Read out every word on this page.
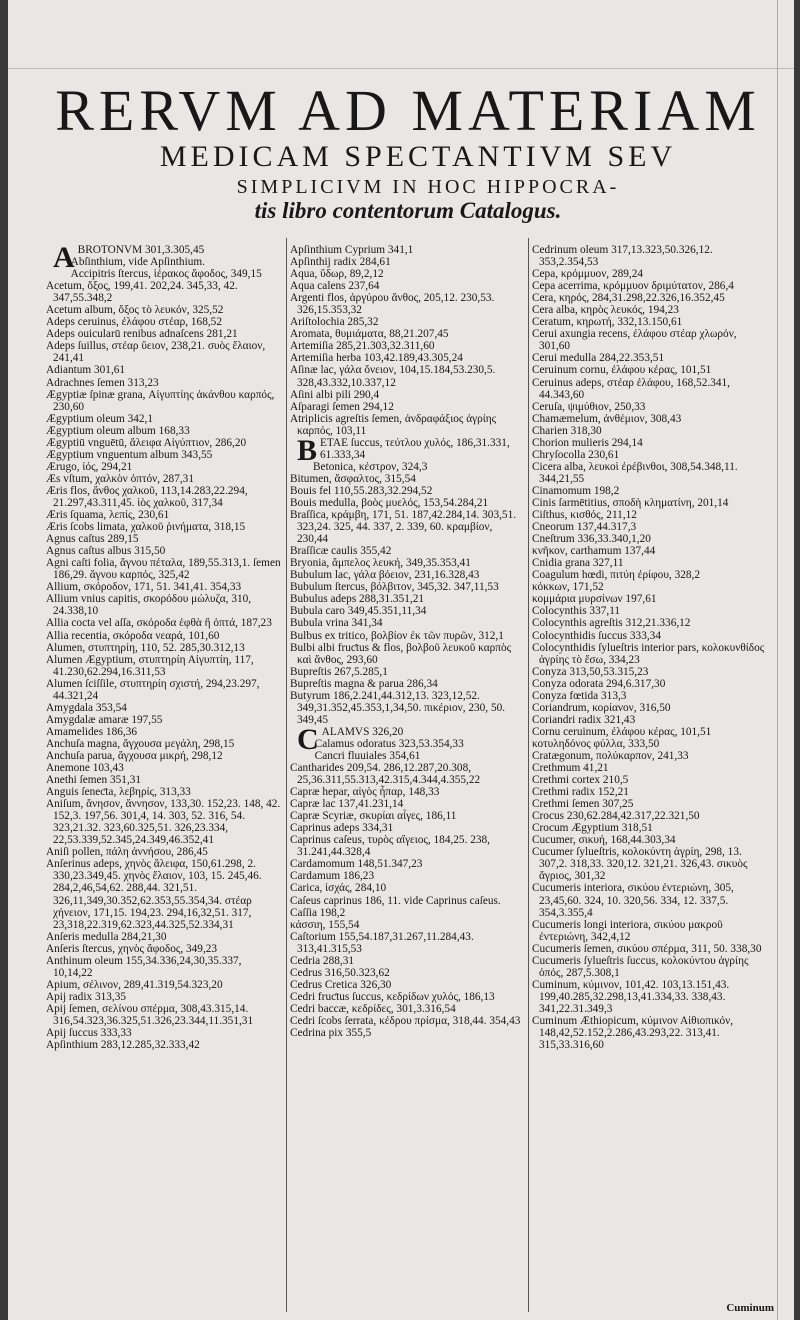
RERVM AD MATERIAM
MEDICAM SPECTANTIVM SEV
SIMPLICIVM IN HOC HIPPOCRA-
tis libro contentorum Catalogus.

ABROTONVM 301,3.305,45

Abſinthium, vide Apſinthium.

Accipitris ſtercus, ἱέρακος ἄφοδος, 349,15

Acetum, ὄξος, 199,41. 202,24. 345,33, 42. 347,55.348,2

Acetum album, ὄξος τὸ λευκόν, 325,52

Adeps ceruinus, ἐλάφου στέαρ, 168,52

Adeps ouicularū renibus adnaſcens 281,21

Adeps ſuillus, στέαρ ὕειον, 238,21. συὸς ἔλαιον, 241,41

Adiantum 301,61

Adrachnes ſemen 313,23

Ægyptiæ ſpinæ grana, Αἰγυπτίης ἀκάνθου καρπός, 230,60

Ægyptium oleum 342,1

Ægyptium oleum album 168,33

Ægyptiū vnguētū, ἄλειφα Αἰγύπτιον, 286,20

Ægyptium vnguentum album 343,55

Ærugo, ἰός, 294,21

Æs vſtum, χαλκὸν ὀπτόν, 287,31

Æris flos, ἄνθος χαλκοῦ, 113,14.283,22.294, 21.297,43.311,45. ἰὸς χαλκοῦ, 317,34

Æris ſquama, λεπίς, 230,61

Æris ſcobs limata, χαλκοῦ ῥινήματα, 318,15

Agnus caſtus 289,15

Agnus caſtus albus 315,50

Agni caſti folia, ἄγνου πέταλα, 189,55.313,1. ſemen 186,29. ἄγνου καρπός, 325,42

Allium, σκόροδον, 171, 51. 341,41. 354,33

Allium vnius capitis, σκορόδου μώλυζα, 310, 24.338,10

Allia cocta vel aſſa, σκόροδα ἑφθὰ ἢ ὀπτά, 187,23

Allia recentia, σκόροδα νεαρά, 101,60

Alumen, στυπτηρίη, 110, 52. 285,30.312,13

Alumen Ægyptium, στυπτηρίη Αἰγυπτίη, 117, 41.230,62.294,16.311,53

Alumen ſciſſile, στυπτηρίη σχιστή, 294,23.297, 44.321,24

Amygdala 353,54

Amygdalæ amaræ 197,55

Amamelides 186,36

Anchuſa magna, ἄγχουσα μεγάλη, 298,15

Anchuſa parua, ἄγχουσα μικρή, 298,12

Anemone 103,43

Anethi ſemen 351,31

Anguis ſeneƈta, λεβηρίς, 313,33

Aniſum, ἄνησον, ἄννησον, 133,30. 152,23. 148, 42. 152,3. 197,56. 301,4, 14. 303, 52. 316, 54. 323,21.32. 323,60.325,51. 326,23.334, 22,53.339,52.345,24.349,46.352,41

Aniſi pollen, πάλη ἀννήσου, 286,45

Anſerinus adeps, χηνὸς ἄλειφα, 150,61.298, 2. 330,23.349,45. χηνὸς ἔλαιον, 103, 15. 245,46. 284,2,46,54,62. 288,44. 321,51. 326,11,349,30.352,62.353,55.354,34. στέαρ χήνειον, 171,15. 194,23. 294,16,32,51. 317, 23,318,22.319,62.323,44.325,52.334,31

Anſeris medulla 284,21,30

Anſeris ſtercus, χηνὸς ἄφοδος, 349,23

Anthinum oleum 155,34.336,24,30,35.337, 10,14,22

Apium, σέλινον, 289,41.319,54.323,20

Apij radix 313,35

Apij ſemen, σελίνου σπέρμα, 308,43.315,14. 316,54.323,36.325,51.326,23.344,11.351,31

Apij ſuccus 333,33

Apſinthium 283,12.285,32.333,42

Apſinthium Cyprium 341,1

Apſinthij radix 284,61

Aqua, ὕδωρ, 89,2,12

Aqua calens 237,64

Argenti flos, ἀργύρου ἄνθος, 205,12. 230,53. 326,15.353,32

Ariſtolochia 285,32

Aromata, θυμιάματα, 88,21.207,45

Artemiſia 285,21.303,32.311,60

Artemiſia herba 103,42.189,43.305,24

Aſinæ lac, γάλα ὄνειον, 104,15.184,53.230,5. 328,43.332,10.337,12

Aſini albi pili 290,4

Aſparagi ſemen 294,12

Atriplicis agreſtis ſemen, ἀνδραφάξιος ἀγρίης καρπός, 103,11

BETAE ſuccus, τεύτλου χυλός, 186,31.331, 61.333,34

Betonica, κέστρον, 324,3

Bitumen, ἄσφαλτος, 315,54

Bouis fel 110,55.283,32.294,52

Bouis medulla, βοὸς μυελός, 153,54.284,21

Braſſica, κράμβη, 171, 51. 187,42.284,14. 303,51. 323,24. 325, 44. 337, 2. 339, 60. κραμβίον, 230,44

Braſſicæ caulis 355,42

Bryonia, ἄμπελος λευκή, 349,35.353,41

Bubulum lac, γάλα βόειον, 231,16.328,43

Bubulum ſtercus, βόλβιτον, 345,32. 347,11,53

Bubulus adeps 288,31.351,21

Bubula caro 349,45.351,11,34

Bubula vrina 341,34

Bulbus ex tritico, βολβίον ἐκ τῶν πυρῶν, 312,1

Bulbi albi fruƈtus & flos, βολβοῦ λευκοῦ καρπὸς καὶ ἄνθος, 293,60

Bupreſtis 267,5.285,1

Bupreſtis magna & parua 286,34

Butyrum 186,2.241,44.312,13. 323,12,52. 349,31.352,45.353,1,34,50. πικέριον, 230, 50. 349,45

CALAMVS 326,20

Calamus odoratus 323,53.354,33

Cancri fluuiales 354,61

Cantharides 209,54. 286,12.287,20.308, 25,36.311,55.313,42.315,4.344,4.355,22

Capræ hepar, αἰγὸς ἧπαρ, 148,33

Capræ lac 137,41.231,14

Capræ Scyriæ, σκυρίαι αἶγες, 186,11

Caprinus adeps 334,31

Caprinus caſeus, τυρὸς αἴγειος, 184,25. 238, 31.241,44.328,4

Cardamomum 148,51.347,23

Cardamum 186,23

Carica, ἰσχάς, 284,10

Caſeus caprinus 186, 11. vide Caprinus caſeus.

Caſſia 198,2

κάσσιη, 155,54

Caſtorium 155,54.187,31.267,11.284,43. 313,41.315,53

Cedria 288,31

Cedrus 316,50.323,62

Cedrus Cretica 326,30

Cedri fruƈtus ſuccus, κεδρίδων χυλός, 186,13

Cedri baccæ, κεδρίδες, 301,3.316,54

Cedri ſcobs ſerrata, κέδρου πρίσμα, 318,44. 354,43

Cedrina pix 355,5

Cedrinum oleum 317,13.323,50.326,12. 353,2.354,53

Cepa, κρόμμυον, 289,24

Cepa acerrima, κρόμμυον δριμύτατον, 286,4

Cera, κηρός, 284,31.298,22.326,16.352,45

Cera alba, κηρὸς λευκός, 194,23

Ceratum, κηρωτή, 332,13.150,61

Cerui axungia recens, ἐλάφου στέαρ χλωρόν, 301,60

Cerui medulla 284,22.353,51

Ceruinum cornu, ἐλάφου κέρας, 101,51

Ceruinus adeps, στέαρ ἐλάφου, 168,52.341, 44.343,60

Ceruſa, ψιμύθιον, 250,33

Chamæmelum, ἀνθέμιον, 308,43

Charien 318,30

Chorion mulieris 294,14

Chryſocolla 230,61

Cicera alba, λευκοὶ ἐρέβινθοι, 308,54.348,11. 344,21,55

Cinamomum 198,2

Cinis ſarmētitius, σποδὴ κληματίνη, 201,14

Ciſthus, κισθός, 211,12

Cneorum 137,44.317,3

Cneſtrum 336,33.340,1,20

κνῆκον, carthamum 137,44

Cnidia grana 327,11

Coagulum hœdi, πιτύη ἐρίφου, 328,2

κόκκων, 171,52

κομμάρια μυρσίνων 197,61

Colocynthis 337,11

Colocynthis agreſtis 312,21.336,12

Colocynthidis ſuccus 333,34

Colocynthidis ſylueſtris interior pars, κολοκυνθίδος ἀγρίης τὸ ἔσω, 334,23

Conyza 313,50,53.315,23

Conyza odorata 294,6.317,30

Conyza fœtida 313,3

Coriandrum, κορίανον, 316,50

Coriandri radix 321,43

Cornu ceruinum, ἐλάφου κέρας, 101,51

κοτυληδόνος φύλλα, 333,50

Cratægonum, πολύκαρπον, 241,33

Crethmum 41,21

Crethmi cortex 210,5

Crethmi radix 152,21

Crethmi ſemen 307,25

Crocus 230,62.284,42.317,22.321,50

Crocum Ægyptium 318,51

Cucumer, σικυή, 168,44.303,34

Cucumer ſylueſtris, κολοκύντη ἀγρίη, 298, 13. 307,2. 318,33. 320,12. 321,21. 326,43. σικυὸς ἄγριος, 301,32

Cucumeris interiora, σικύου ἐντεριώνη, 305, 23,45,60. 324, 10. 320,56. 334, 12. 337,5. 354,3.355,4

Cucumeris longi interiora, σικύου μακροῦ ἐντεριώνη, 342,4,12

Cucumeris ſemen, σικύου σπέρμα, 311, 50. 338,30

Cucumeris ſylueſtris ſuccus, κολοκύντου ἀγρίης ὀπός, 287,5.308,1

Cuminum, κύμινον, 101,42. 103,13.151,43. 199,40.285,32.298,13,41.334,33. 338,43. 341,22.31.349,3

Cuminum Æthiopicum, κύμινον Αἰθιοπικόν, 148,42,52.152,2.286,43.293,22. 313,41. 315,33.316,60

Cuminum
